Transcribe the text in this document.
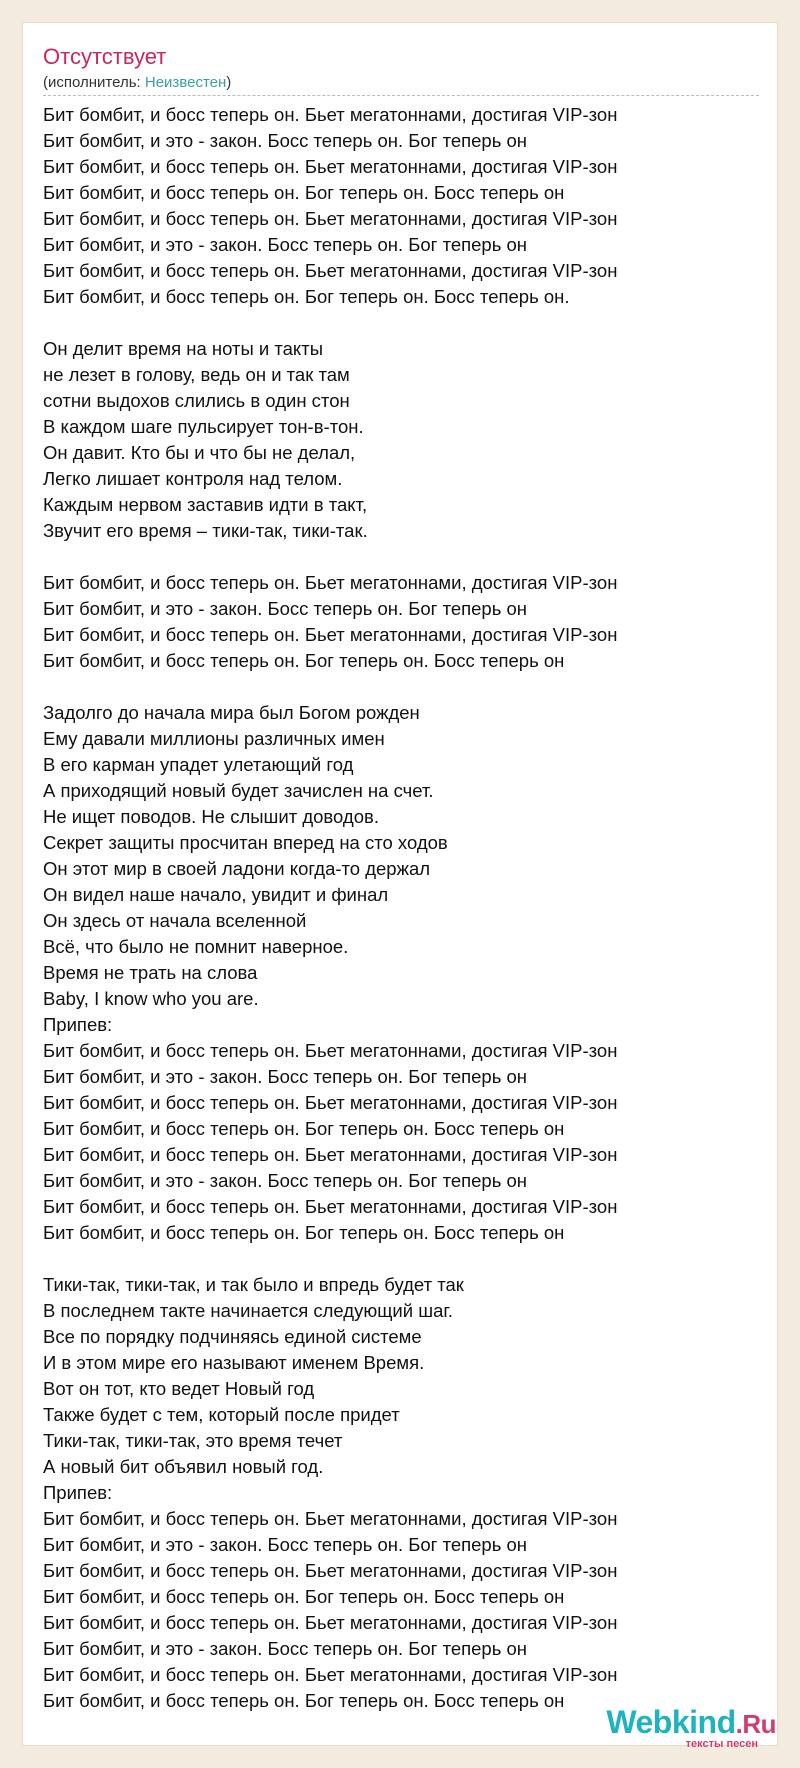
Отсутствует
(исполнитель: Неизвестен)
Бит бомбит, и босс теперь он. Бьет мегатоннами, достигая VIP-зон
Бит бомбит, и это - закон. Босс теперь он. Бог теперь он
Бит бомбит, и босс теперь он. Бьет мегатоннами, достигая VIP-зон
Бит бомбит, и босс теперь он. Бог теперь он. Босс теперь он
Бит бомбит, и босс теперь он. Бьет мегатоннами, достигая VIP-зон
Бит бомбит, и это - закон. Босс теперь он. Бог теперь он
Бит бомбит, и босс теперь он. Бьет мегатоннами, достигая VIP-зон
Бит бомбит, и босс теперь он. Бог теперь он. Босс теперь он.
Он делит время на ноты и такты
не лезет в голову, ведь он и так там
сотни выдохов слились в один стон
В каждом шаге пульсирует тон-в-тон.
Он давит. Кто бы и что бы не делал,
Легко лишает контроля над телом.
Каждым нервом заставив идти в такт,
Звучит его время – тики-так, тики-так.
Бит бомбит, и босс теперь он. Бьет мегатоннами, достигая VIP-зон
Бит бомбит, и это - закон. Босс теперь он. Бог теперь он
Бит бомбит, и босс теперь он. Бьет мегатоннами, достигая VIP-зон
Бит бомбит, и босс теперь он. Бог теперь он. Босс теперь он
Задолго до начала мира был Богом рожден
Ему давали миллионы различных имен
В его карман упадет улетающий год
А приходящий новый будет зачислен на счет.
Не ищет поводов. Не слышит доводов.
Секрет защиты просчитан вперед на сто ходов
Он этот мир в своей ладони когда-то держал
Он видел наше начало, увидит и финал
Он здесь от начала вселенной
Всё, что было не помнит наверное.
Время не трать на слова
Baby, I know who you are.
Припев:
Бит бомбит, и босс теперь он. Бьет мегатоннами, достигая VIP-зон
Бит бомбит, и это - закон. Босс теперь он. Бог теперь он
Бит бомбит, и босс теперь он. Бьет мегатоннами, достигая VIP-зон
Бит бомбит, и босс теперь он. Бог теперь он. Босс теперь он
Бит бомбит, и босс теперь он. Бьет мегатоннами, достигая VIP-зон
Бит бомбит, и это - закон. Босс теперь он. Бог теперь он
Бит бомбит, и босс теперь он. Бьет мегатоннами, достигая VIP-зон
Бит бомбит, и босс теперь он. Бог теперь он. Босс теперь он
Тики-так, тики-так, и так было и впредь будет так
В последнем такте начинается следующий шаг.
Все по порядку подчиняясь единой системе
И в этом мире его называют именем Время.
Вот он тот, кто ведет Новый год
Также будет с тем, который после придет
Тики-так, тики-так, это время течет
А новый бит объявил новый год.
Припев:
Бит бомбит, и босс теперь он. Бьет мегатоннами, достигая VIP-зон
Бит бомбит, и это - закон. Босс теперь он. Бог теперь он
Бит бомбит, и босс теперь он. Бьет мегатоннами, достигая VIP-зон
Бит бомбит, и босс теперь он. Бог теперь он. Босс теперь он
Бит бомбит, и босс теперь он. Бьет мегатоннами, достигая VIP-зон
Бит бомбит, и это - закон. Босс теперь он. Бог теперь он
Бит бомбит, и босс теперь он. Бьет мегатоннами, достигая VIP-зон
Бит бомбит, и босс теперь он. Бог теперь он. Босс теперь он
Webkind.Ru
тексты песен
